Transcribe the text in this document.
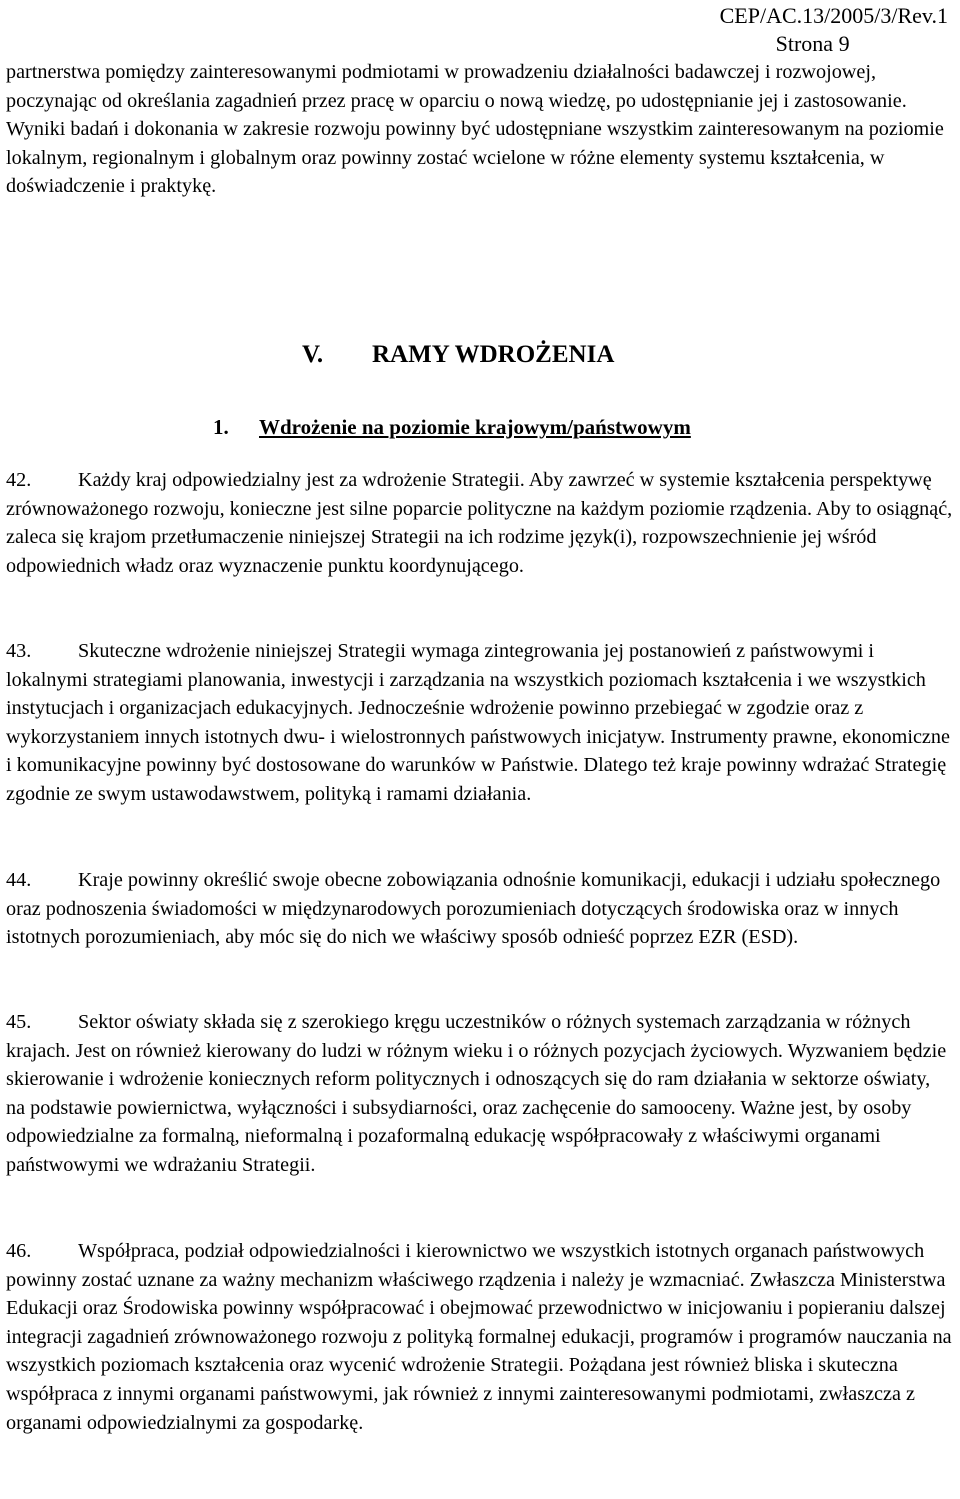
CEP/AC.13/2005/3/Rev.1
Strona 9

partnerstwa pomiędzy zainteresowanymi podmiotami w prowadzeniu działalności badawczej i rozwojowej, poczynając od określania zagadnień przez pracę w oparciu o nową wiedzę, po udostępnianie jej i zastosowanie. Wyniki badań i dokonania w zakresie rozwoju powinny być udostępniane wszystkim zainteresowanym na poziomie lokalnym, regionalnym i globalnym oraz powinny zostać wcielone w różne elementy systemu kształcenia, w doświadczenie i praktykę.

V. RAMY WDROŻENIA
1. Wdrożenie na poziomie krajowym/państwowym

42. Każdy kraj odpowiedzialny jest za wdrożenie Strategii. Aby zawrzeć w systemie kształcenia perspektywę zrównoważonego rozwoju, konieczne jest silne poparcie polityczne na każdym poziomie rządzenia. Aby to osiągnąć, zaleca się krajom przetłumaczenie niniejszej Strategii na ich rodzime język(i), rozpowszechnienie jej wśród odpowiednich władz oraz wyznaczenie punktu koordynującego.

43. Skuteczne wdrożenie niniejszej Strategii wymaga zintegrowania jej postanowień z państwowymi i lokalnymi strategiami planowania, inwestycji i zarządzania na wszystkich poziomach kształcenia i we wszystkich instytucjach i organizacjach edukacyjnych. Jednocześnie wdrożenie powinno przebiegać w zgodzie oraz z wykorzystaniem innych istotnych dwu- i wielostronnych państwowych inicjatyw. Instrumenty prawne, ekonomiczne i komunikacyjne powinny być dostosowane do warunków w Państwie. Dlatego też kraje powinny wdrażać Strategię zgodnie ze swym ustawodawstwem, polityką i ramami działania.

44. Kraje powinny określić swoje obecne zobowiązania odnośnie komunikacji, edukacji i udziału społecznego oraz podnoszenia świadomości w międzynarodowych porozumieniach dotyczących środowiska oraz w innych istotnych porozumieniach, aby móc się do nich we właściwy sposób odnieść poprzez EZR (ESD).

45. Sektor oświaty składa się z szerokiego kręgu uczestników o różnych systemach zarządzania w różnych krajach. Jest on również kierowany do ludzi w różnym wieku i o różnych pozycjach życiowych. Wyzwaniem będzie skierowanie i wdrożenie koniecznych reform politycznych i odnoszących się do ram działania w sektorze oświaty, na podstawie powiernictwa, wyłączności i subsydiarności, oraz zachęcenie do samooceny. Ważne jest, by osoby odpowiedzialne za formalną, nieformalną i pozaformalną edukację współpracowały z właściwymi organami państwowymi we wdrażaniu Strategii.

46. Współpraca, podział odpowiedzialności i kierownictwo we wszystkich istotnych organach państwowych powinny zostać uznane za ważny mechanizm właściwego rządzenia i należy je wzmacniać. Zwłaszcza Ministerstwa Edukacji oraz Środowiska powinny współpracować i obejmować przewodnictwo w inicjowaniu i popieraniu dalszej integracji zagadnień zrównoważonego rozwoju z polityką formalnej edukacji, programów i programów nauczania na wszystkich poziomach kształcenia oraz wycenić wdrożenie Strategii. Pożądana jest również bliska i skuteczna współpraca z innymi organami państwowymi, jak również z innymi zainteresowanymi podmiotami, zwłaszcza z organami odpowiedzialnymi za gospodarkę.
